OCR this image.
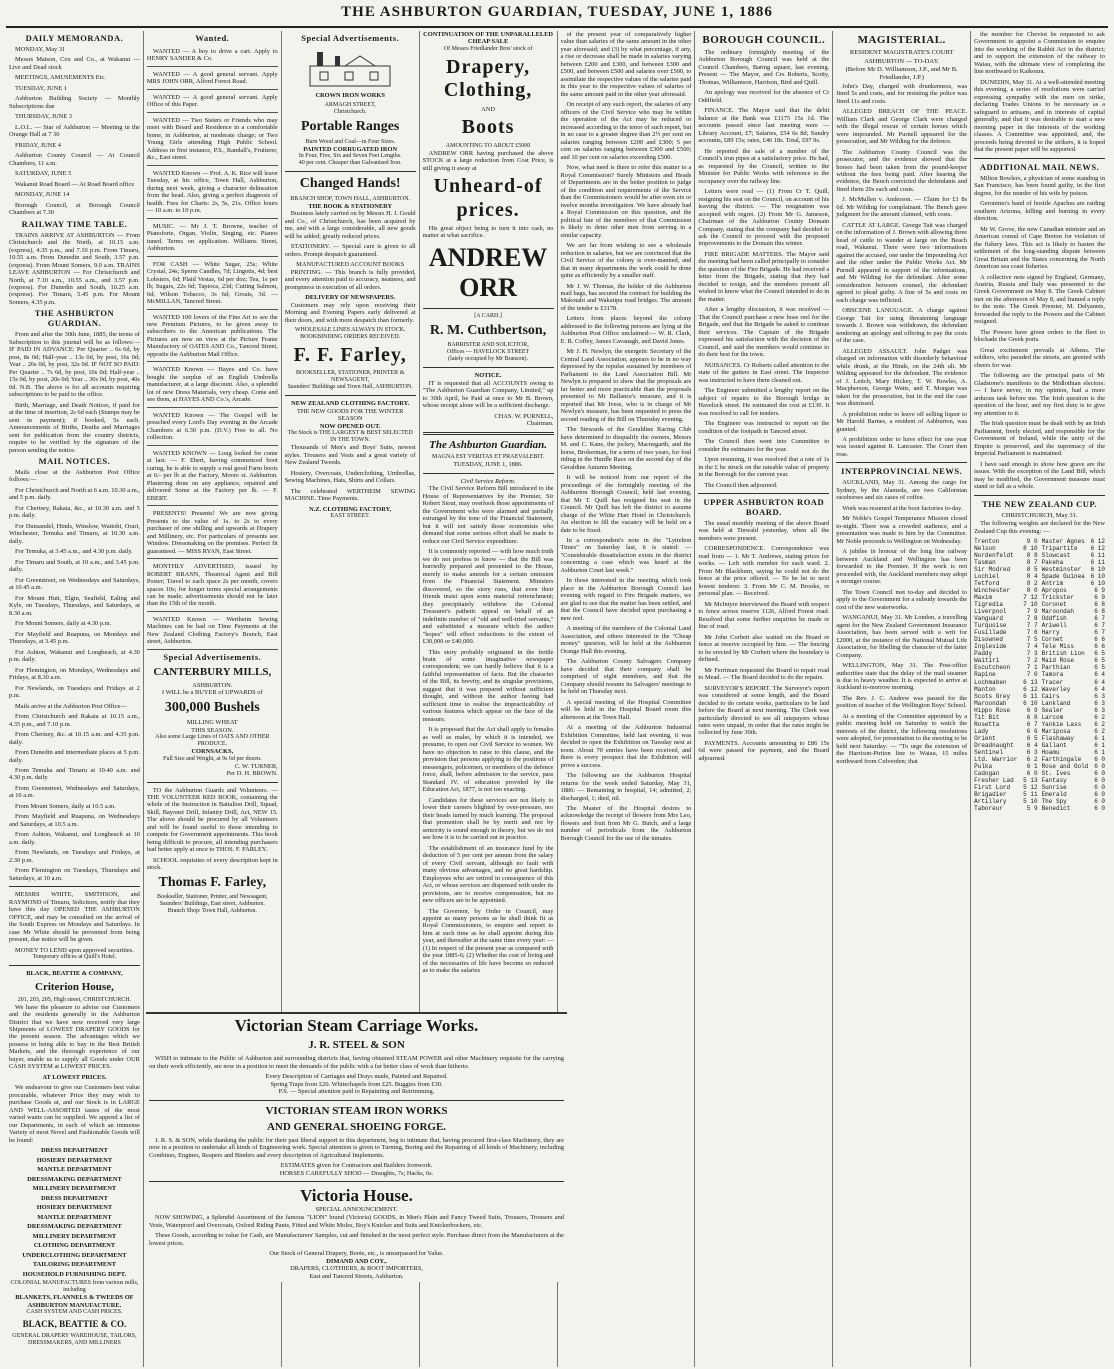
THE ASHBURTON GUARDIAN, TUESDAY, JUNE 1, 1886
DAILY MEMORANDA.

MONDAY, May 31

Messrs Matson, Cox and Co., at Wakanui — Live and Dead stock

MEETINGS, AMUSEMENTS Etc.

TUESDAY, JUNE 1

Ashburton Building Society — Monthly Subscriptions due

THURSDAY, JUNE 3

L.O.L. — Star of Ashburton — Meeting in the Orange Hall at 7 30

FRIDAY, JUNE 4

Ashburton County Council — At Council Chambers, 11 a.m.

SATURDAY, JUNE 5

Wakanui Road Board — At Road Board office

MONDAY, JUNE 14

Borough Council, at Borough Council Chambers at 7.30

RAILWAY TIME TABLE.

TRAINS ARRIVE AT ASHBURTON — From Christchurch and the North, at 10.15 a.m. (express), 4.35 p.m., and 7.10 p.m. From Timaru, 10.55 a.m. From Dunedin and South, 3.57 p.m. (express). From Mount Somers, 9.0 a.m. TRAINS LEAVE ASHBURTON — For Christchurch and North, at 7.10 a.m., 10.55 a.m., and 3.57 p.m. (express). For Dunedin and South, 10.25 a.m. (express). For Timaru, 5.45 p.m. For Mount Somers, 4.35 p.m.

THE ASHBURTON GUARDIAN.

From and after the 30th June, 1885, the terms of Subscription to this journal will be as follows:— IF PAID IN ADVANCE: Per Quarter .. 6s 6d, by post, 8s 0d; Half-year .. 13s 0d, by post, 16s 0d; Year .. 26s 0d, by post, 32s 0d. IF NOT SO PAID: Per Quarter .. 7s 6d, by post, 10s 0d; Half-year .. 15s 0d, by post, 20s 0d; Year .. 30s 0d, by post, 40s 0d. N.B. The above is for all accounts requiring subscriptions to be paid to the office.

Birth, Marriage, and Death Notices, if paid for at the time of insertion, 2s 6d each (Stamps may be sent in payment); if booked, 5s each. Announcements of Births, Deaths and Marriages sent for publication from the country districts, require to be verified by the signature of the person sending the notice.

MAIL NOTICES.

Mails close at the Ashburton Post Office follows:—

For Christchurch and North at 6 a.m. 10.30 a.m., and 5 p.m. daily.

For Chertsey, Rakaia, &c., at 10.30 a.m. and 5 p.m. daily.

For Dunsandel, Hinds, Winslow, Waitohi, Orari, Winchester, Temuka and Timaru, at 10.30 a.m. daily.

For Temuka, at 3.45 a.m., and 4.30 p.m. daily.

For Timaru and South, at 10 a.m., and 3.45 p.m. daily.

For Greenstreet, on Wednesdays and Saturdays, at 10.45 a.m.

For Mount Hutt, Elgin, Seafield, Ealing and Kyle, on Tuesdays, Thursdays, and Saturdays, at 8.30 a.m.

For Mount Somers, daily at 4.30 p.m.

For Mayfield and Ruapuna, on Mondays and Thursdays, at 3.45 p.m.

For Ashton, Wakanui and Longbeach, at 4.30 p.m. daily.

For Flemington, on Mondays, Wednesdays and Fridays, at 8.30 a.m.

For Newlands, on Tuesdays and Fridays at 2 p.m.

Mails arrive at the Ashburton Post Office—

From Christchurch and Rakaia at 10.15 a.m., 4.35 p.m., and 7.10 p.m.

From Chertsey, &c. at 10.15 a.m. and 4.35 p.m. daily.

From Dunedin and intermediate places at 5 p.m. daily.

From Temuka and Timaru at 10.40 a.m. and 4.30 p.m. daily.

From Greenstreet, Wednesdays and Saturdays, at 10 a.m.

From Mount Somers, daily at 10.5 a.m.

From Mayfield and Ruapuna, on Wednesdays and Saturdays, at 10.5 a.m.

From Ashton, Wakanui, and Longbeach at 10 a.m. daily.

From Newlands, on Tuesdays and Fridays, at 2.30 p.m.

From Flemington on Tuesdays, Thursdays and Saturdays, at 10 a.m.

MESSRS WHITE, SMITHSON, and RAYMOND of Timaru, Solicitors, notify that they have this day OPENED THE ASHBURTON OFFICE, and may be consulted on the arrival of the South Express on Mondays and Saturdays. In case Mr White should be prevented from being present, due notice will be given.

MONEY TO LEND upon approved securities.
Temporary offices at Quill's Hotel.
BLACK, BEATTIE & COMPANY,
Criterion House,
201, 203, 205, High street, CHRISTCHURCH.

We have the pleasure to advise our Customers and the residents generally in the Ashburton District that we have now received very large Shipments of LOWEST DRAPERY GOODS for the present season. The advantages which we possess in being able to buy in the Best British Markets, and the thorough experience of our buyer, enable us to supply all Goods under OUR CASH SYSTEM at LOWEST PRICES.

AT LOWEST PRICES.

We endeavour to give our Customers best value procurable, whatever Price they may wish to purchase Goods at, and our Stock is in LARGE AND WELL-ASSORTED tastes of the most varied wants can be supplied. We append a list of our Departments, in each of which an immense Variety of most Novel and Fashionable Goods will be found:

DRESS DEPARTMENT
HOSIERY DEPARTMENT
MANTLE DEPARTMENT
DRESSMAKING DEPARTMENT
MILLINERY DEPARTMENT
DRESS DEPARTMENT
HOSIERY DEPARTMENT
MANTLE DEPARTMENT
DRESSMAKING DEPARTMENT
MILLINERY DEPARTMENT
CLOTHING DEPARTMENT
UNDERCLOTHING DEPARTMENT
TAILORING DEPARTMENT
HOUSEHOLD FURNISHING DEPT.
COLONIAL MANUFACTURES from various mills, including
BLANKETS, FLANNELS & TWEEDS OF ASHBURTON MANUFACTURE.
CASH SYSTEM AND CASH PRICES.
BLACK, BEATTIE & CO.
GENERAL DRAPERY WAREHOUSE, TAILORS, DRESSMAKERS, AND MILLINERS
Wanted.

WANTED — A boy to drive a cart. Apply to HENRY SANDER & Co.

WANTED — A good general servant. Apply MRS JOHN ORR, Alford Forest Road.

WANTED — A good general servant. Apply Office of this Paper.

WANTED — Two Sisters or Friends who may meet with Board and Residence in a comfortable home, in Ashburton, at moderate charge; or Two Young Girls attending High Public School. Address in first instance, P.S., Randall's, Fruiterer, &c., East street.

WANTED Known — Prof. A. K. Rice will leave Tuesday, at his office, Town Hall, Ashburton, during next week, giving a character delineation from the head. Also, giving a perfect diagnosis of health. Fees for Charts: 2s, 5s, 21s. Office hours — 10 a.m. to 10 p.m.

MUSIC. — Mr J. T. Browne, teacher of Pianoforte, Organ, Violin, Singing, etc. Pianos tuned. Terms on application. Williams Street, Ashburton.

FOR CASH — White Sugar, 25s; White Crystal, 24s; Sperm Candles, 7d; Lingotts, 4d; best Lobsters, 6d; Plaid Vestas, 6d per doz; Tea, 1s per lb; Sugars, 22s 6d; Tapioca, 23d; Cutting Salmon, 6d; Wilson Tobacco, 3s 6d; Groats, 3d. — McMILLAN, Tancred Street.

WANTED 100 lovers of the Fine Art to see the new Premium Pictures, to be given away to subscribers to the American publications. The Pictures are now on view at the Picture Frame Manufactory of OATES AND Co., Tancred Street, opposite the Ashburton Mail Office.

WANTED Known — Hayes and Co. have bought the surplus of an English Umbrella manufacturer, at a large discount. Also, a splendid lot of new Dress Materials, very cheap. Come and see them, at HAYES AND Co.'s, Arcade.

WANTED Known — The Gospel will be preached every Lord's Day evening in the Arcade Chambers at 6.30 p.m. (D.V.) Free to all. No collection.

WANTED KNOWN — Long looked for come at last. — F. Ebert, having commenced boot curing, he is able to supply a real good Farm boots at 6/- per lb at the Factory, Moore st. Ashburton. Plastering done on any appliance, repaired and delivered Some at the Factory per lb. — F. EBERT.

PRESENTS! Presents! We are now giving Presents to the value of 1s. to 2s to every purchaser of one shilling and upwards at Drapery and Millinery, etc. For particulars of presents see Window. Dressmaking on the premises. Perfect fit guaranteed. — MISS RYAN, East Street.

MONTHLY ADVERTISED, issued by ROBERT BRANN, Theatrical Agent and Bill Poster; Travel to each space 2s per month, covers spaces 10s; for longer terms special arrangements can be made; advertisements should not be later than the 15th of the month.

WANTED Known — Wertheim Sewing Machines can be had on Time Payments at the New Zealand Clothing Factory's Branch, East street, Ashburton.

Special Advertisements.
CANTERBURY MILLS,
ASHBURTON.
I WILL be a BUYER of UPWARDS of
300,000 Bushels
MILLING WHEAT
THIS SEASON.
Also some Large Lines of OATS AND OTHER PRODUCE.
CORNSACKS,
Full Size and Weight, at 9s 6d per dozen.
C. W. TURNER,
Per D. H. BROWN.

TO the Ashburton Guards and Volunteers. — THE VOLUNTEER RED BOOK, containing the whole of the Instruction in Battalion Drill, Squad, Skill, Bayonet Drill, Infantry Drill, Act, NEW 15. The above should be procured by all Volunteers and will be found useful to those intending to compete for Government appointments. This book being difficult to procure, all intending purchasers had better apply at once to THOS. F. FARLEY.

SCHOOL requisites of every description kept in stock.

Thomas F. Farley,
Bookseller, Stationer, Printer, and Newsagent,
Saunders' Buildings, East street, Ashburton.
Branch Shop: Town Hall, Ashburton.
Special Advertisements.
CROWN IRON WORKS
ARMAGH STREET,
Christchurch.
Portable Ranges
Burn Wood and Coal—in Four Sizes.
PAINTED CORRUGATED IRON
In Four, Five, Six and Seven Feet Lengths.
40 per cent. Cheaper than Galvanised Iron.
Changed Hands!
BRANCH SHOP, TOWN HALL, ASHBURTON.
THE BOOK & STATIONERY

Business lately carried on by Messrs H. J. Gould and Co., of Christchurch, has been acquired by me, and with a large considerable, all new goods will be added; greatly reduced prices.

STATIONERY. — Special care is given to all orders. Prompt despatch guaranteed.

MANUFACTURED ACCOUNT BOOKS

PRINTING. — This branch is fully provided, and every attention paid to accuracy, neatness, and promptness in execution of all orders.

DELIVERY OF NEWSPAPERS.

Customers may rely upon receiving their Morning and Evening Papers early delivered at their doors, and with more despatch than formerly.

WHOLESALE LINES ALWAYS IN STOCK.
BOOKBINDING ORDERS RECEIVED.
F. F. Farley,
BOOKSELLER, STATIONER, PRINTER & NEWSAGENT,
Saunders' Buildings and Town Hall, ASHBURTON.
NEW ZEALAND CLOTHING FACTORY.
THE NEW GOODS FOR THE WINTER SEASON
NOW OPENED OUT.
The Stock is THE LARGEST & BEST SELECTED IN THE TOWN.

Thousands of Men's and Boys' Suits, newest styles. Trousers and Vests and a great variety of New Zealand Tweeds.

Hosiery, Overcoats, Underclothing, Umbrellas, Sewing Machines, Hats, Shirts and Collars.

The celebrated WERTHEIM SEWING MACHINE. Time Payments.

N.Z. CLOTHING FACTORY,
EAST STREET.
CONTINUATION OF THE UNPARALLELED CHEAP SALE
Of Messrs Friedlander Bros' stock of
Drapery, Clothing,
AND
Boots
AMOUNTING TO ABOUT £5000

ANDREW ORR having purchased the above STOCK at a large reduction from Cost Price, is still giving it away at

Unheard-of prices.

His great object being to turn it into cash, no matter at what sacrifice.

ANDREW ORR
[A CARD.]
R. M. Cuthbertson,
BARRISTER AND SOLICITOR,
Offices — HAVELOCK STREET
(lately occupied by Mr Branson).
NOTICE.

IT is requested that all ACCOUNTS owing to "The Ashburton Guardian Company, Limited," up to 30th April, be Paid at once to Mr B. Brown, whose receipt alone will be a sufficient discharge.

CHAS. W. PURNELL,
Chairman.
The Ashburton Guardian.
MAGNA EST VERITAS ET PRAEVALEBIT.
TUESDAY, JUNE 1, 1886.
Civil Service Reform.

The Civil Service Reform Bill introduced to the House of Representatives by the Premier, Sir Robert Stout, may overlook those appointments of the Government who were alarmed and partially estranged by the tone of the Financial Statement, but it will not satisfy those economists who demand that some serious effort shall be made to reduce our Civil Service expenditure.

It is commonly reported — with how much truth we do not profess to know — that the Bill was hurriedly prepared and presented to the House, merely to make amends for a certain omission from the Financial Statement. Ministers discovered, so the story runs, that even their friends insist upon some material retrenchment; they precipitately withdrew the Colonial Treasurer's pathetic appeal on behalf of an indefinite number of "old and well-tried servants," and substituted a measure which the author "hopes" will effect reductions to the extent of £30,000 or £40,000.

This story probably originated in the fertile brain of some imaginative newspaper correspondent; we can hardly believe that it is a faithful representation of facts. But the character of the Bill, its brevity, and its singular provisions, suggest that it was prepared without sufficient thought, and without the author having had sufficient time to realise the impracticability of various features which appear on the face of the measure.

It is proposed that the Act shall apply to females as well as males, by which it is intended, we presume, to open our Civil Service to women. We have no objection to raise to this clause, and the provision that persons applying to the positions of messengers, policemen, or members of the defence force, shall, before admission to the service, pass Standard IV. of education provided by the Education Act, 1877, is not too exacting.

Candidates for these services are not likely to lower their careers blighted by over-pressure, nor their heads turned by much learning. The proposal that promotion shall be by merit and not by seniority is sound enough in theory, but we do not see how it is to be carried out in practice.

The establishment of an insurance fund by the deduction of 5 per cent per annum from the salary of every Civil servant, although no fault with many obvious advantages, and no great hardship. Employees who are retired in consequence of this Act, or whose services are dispensed with under its provisions, are to receive compensation, but no new officers are to be appointed.

The Governor, by Order in Council, may appoint as many persons as he shall think fit as Royal Commissioners, to enquire and report to him at such time as he shall appoint during this year, and thereafter at the same time every year: — (1) In respect of the present year as compared with the year 1885-6; (2) Whether the cost of living and of the necessaries of life have become so reduced as to make the salaries

of the present year of comparatively higher value than salaries of the same amount in the other year aforesaid; and (3) by what percentage, if any, a rise or decrease shall be made in salaries varying between £200 and £300, and between £300 and £500, and between £500 and salaries over £500, to assimilate the respective values of the salaries paid in this year to the respective values of salaries of the same amount paid in the other year aforesaid.

On receipt of any such report, the salaries of any officers of the Civil Service who may be within the operation of the Act may be reduced or increased according to the tenor of such report, but in no case to a greater degree than 2½ per cent on salaries ranging between £200 and £300; 5 per cent on salaries ranging between £300 and £500; and 10 per cent on salaries exceeding £500.

Now, what need is there to refer this matter to a Royal Commission? Surely Ministers and Heads of Departments are in the better position to judge of the condition and requirements of the Service than the Commissioners would be after even six or twelve months investigation. We have already had a Royal Commission on this question, and the political fate of the members of that Commission is likely to deter other men from serving in a similar capacity.

We are far from wishing to see a wholesale reduction in salaries, but we are convinced that the Civil Service of the colony is over-manned, and that in many departments the work could be done quite as efficiently by a smaller staff.

Mr J. W. Thomas, the holder of the Ashburton mail bags, has secured the contract for building the Makotahi and Wakatipu road bridges. The amount of the tender is £3178.

Letters from places beyond the colony addressed to the following persons are lying at the Ashburton Post Office unclaimed:— W. R. Clark, E. R. Coffey, James Cavanagh, and David Jones.

Mr J. H. Newlyn, the energetic Secretary of the Central Land Association, appears to be in no way depressed by the repulse sustained by members of Parliament to the Land Association Bill. Mr Newlyn is prepared to show that the proposals are far better and more practicable than the proposals presented to Mr Ballance's measure, and it is reported that Mr Ivess, who is in charge of Mr Newlyn's measure, has been requested to press the second reading of the Bill on Thursday evening.

The Stewards of the Geraldine Racing Club have determined to disqualify the owners, Messrs M. and C. Kane, the jockey, Macnegarth, and the horse, Brokerman, for a term of two years, for foul riding in the Hurdle Race on the second day of the Geraldine Autumn Meeting.

It will be noticed from our report of the proceedings of the fortnightly meeting of the Ashburton Borough Council, held last evening, that Mr T. Quill has resigned his seat in the Council. Mr Quill has left the district to assume charge of the White Hart Hotel in Christchurch. An election to fill the vacancy will be held on a date to be fixed.

In a correspondent's note in the "Lyttelton Times" on Saturday last, it is stated: — "Considerable dissatisfaction exists in the district concerning a case which was heard at the Ashburton Court last week."

In those interested in the meeting which took place in the Ashburton Borough Council last evening with regard to Fire Brigade matters, we are glad to see that the matter has been settled, and that the Council have decided upon purchasing a new reel.

A meeting of the members of the Colonial Land Association, and others interested in the "Cheap money" question, will be held at the Ashburton Orange Hall this evening.

The Ashburton County Salvagers Company have decided that their company shall be comprised of eight members, and that the Company should resume its Salvagers' meetings to be held on Thursday next.

A special meeting of the Hospital Committee will be held in the Hospital Board room this afternoon at the Town Hall.

At a meeting of the Ashburton Industrial Exhibition Committee, held last evening, it was decided to open the Exhibition on Tuesday next at noon. About 70 entries have been received, and there is every prospect that the Exhibition will prove a success.

The following are the Ashburton Hospital returns for the week ended Saturday, May 31, 1886: — Remaining in hospital, 14; admitted, 2; discharged, 1; died, nil.

The Master of the Hospital desires to acknowledge the receipt of flowers from Mrs Leo, flowers and fruit from Mr G. Butch, and a large number of periodicals from the Ashburton Borough Council for the use of the inmates.

BOROUGH COUNCIL.

The ordinary fortnightly meeting of the Ashburton Borough Council was held at the Council Chambers, Baring square, last evening. Present — The Mayor, and Crs Roberts, Scotty, Thomas, Williamson, Harrison, Bird and Quill.

An apology was received for the absence of Cr Oddfield.

FINANCE. The Mayor said that the debit balance at the Bank was £1175 15s 1d. The accounts passed since last meeting were — Library Account, £7; Salaries, £54 6s 8d; Sundry accounts, £89 15s; rates, £46 18s. Total, £97 9s.

He reported the sale of a number of the Council's iron pipes at a satisfactory price. He had, as requested by the Council, written to the Minister for Public Works with reference to the occupancy over the railway line.

Letters were read — (1) From Cr T. Quill, resigning his seat on the Council, on account of his leaving the district. — The resignation was accepted with regret. (2) From Mr G. Jameson, Chairman of the Ashburton County Domain Company, stating that the company had decided to ask the Council to proceed with the proposed improvements to the Domain this winter.

FIRE BRIGADE MATTERS. The Mayor said the meeting had been called principally to consider the question of the Fire Brigade. He had received a letter from the Brigade, stating that they had decided to resign, and the members present all wished to know what the Council intended to do in the matter.

After a lengthy discussion, it was resolved — That the Council purchase a new hose reel for the Brigade, and that the Brigade be asked to continue their services. The Captain of the Brigade expressed his satisfaction with the decision of the Council, and said the members would continue to do their best for the town.

NUISANCES. Cr Roberts called attention to the state of the gutters in East street. The Inspector was instructed to have them cleaned out.

The Engineer submitted a lengthy report on the subject of repairs to the Borough bridge in Havelock street. He estimated the cost at £130. It was resolved to call for tenders.

The Engineer was instructed to report on the condition of the footpath in Tancred street.

The Council then went into Committee to consider the estimates for the year.

Upon resuming, it was resolved that a rate of 1s in the £ be struck on the rateable value of property in the Borough for the current year.

The Council then adjourned.

UPPER ASHBURTON ROAD BOARD.

The usual monthly meeting of the above Board was held at Tinwald yesterday, when all the members were present.

CORRESPONDENCE. Correspondence was read from — 1. Mr T. Andrews, stating prices for works. — Left with member for each ward. 2. From Mr Blackburn, saying he could not do the fence at the price offered. — To be let to next lowest tenderer. 3. From Mr C. M. Brooke, re personal plan. — Received.

Mr McIntyre interviewed the Board with respect to fence across reserve 1126, Alford Forest road. Resolved that some further enquiries be made re line of road.

Mr John Corbett also waited on the Board re fence at reserve occupied by him. — The fencing to be erected by Mr Corbett where the boundary is defined.

Mr Ferriman requested the Board to repair road to Mead. — The Board decided to do the repairs.

SURVEYOR'S REPORT. The Surveyor's report was considered at some length, and the Board decided to do certain works, particulars to be laid before the Board at next meeting. The Clerk was particularly directed to see all ratepayers whose rates were unpaid, in order that the rates might be collected by June 30th.

PAYMENTS. Accounts amounting to £86 15s 6d were passed for payment, and the Board adjourned.

MAGISTERIAL.
RESIDENT MAGISTRATE'S COURT
ASHBURTON — TO-DAY.
(Before Mr D. Williamson, J.P., and Mr B. Friedlander, J.P.)

John's Day, charged with drunkenness, was fined 5s and costs, and for resisting the police was fined 11s and costs.

ALLEGED BREACH OF THE PEACE. William Clark and George Clark were charged with the illegal rescue of certain horses which were impounded. Mr Purnell appeared for the prosecution, and Mr Wilding for the defence.

The Ashburton County Council was the prosecutor, and the evidence showed that the horses had been taken from the pound-keeper without the fees being paid. After hearing the evidence, the Bench convicted the defendants and fined them 20s each and costs.

J. McMullen v. Anderson. — Claim for £1 8s 6d. Mr Wilding for complainant. The Bench gave judgment for the amount claimed, with costs.

CATTLE AT LARGE. George Tait was charged on the information of J. Brown with allowing three head of cattle to wander at large on the Beach road, Wakanui. There were two informations against the accused, one under the Impounding Act and the other under the Public Works Act. Mr Purnell appeared in support of the informations, and Mr Wilding for the defendant. After some consideration between counsel, the defendant agreed to plead guilty. A fine of 5s and costs on each charge was inflicted.

OBSCENE LANGUAGE. A charge against George Tait for using threatening language towards J. Brown was withdrawn, the defendant tendering an apology and offering to pay the costs of the case.

ALLEGED ASSAULT. John Padget was charged on information with disorderly behaviour while drunk, at the Hinds, on the 24th ult. Mr Wilding appeared for the defendant. The evidence of J. Leitch, Mary Hickey, T. W. Bowles, A. Macpherson, George Watts, and T. Morgan was taken for the prosecution, but in the end the case was dismissed.

A prohibition order to leave off selling liquor to Mr Harold Barnes, a resident of Ashburton, was granted.

A prohibition order to have effect for one year was issued against R. Lancaster. The Court then rose.

INTERPROVINCIAL NEWS.

AUCKLAND, May 31. Among the cargo for Sydney, by the Alameda, are two Californian racehorses and six cases of coffee.

Work was resumed at the boot factories to-day.

Mr Noble's Gospel Temperance Mission closed to-night. There was a crowded audience, and a presentation was made to him by the Committee. Mr Noble proceeds to Wellington on Wednesday.

A jubilee in honour of the long line railway between Auckland and Wellington has been forwarded to the Premier. If the work is not proceeded with, the Auckland members may adopt a stronger course.

The Town Council met to-day and decided to apply to the Government for a subsidy towards the cost of the new waterworks.

WANGANUI, May 31. Mr London, a travelling agent for the New Zealand Government Insurance Association, has been served with a writ for £2000, at the instance of the National Mutual Life Association, for libelling the character of the latter Company.

WELLINGTON, May 31. The Post-office authorities state that the delay of the mail steamer is due to heavy weather. It is expected to arrive at Auckland to-morrow morning.

The Rev. J. C. Andrew was passed for the position of teacher of the Wellington Boys' School.

At a meeting of the Committee appointed by a public meeting held on Saturday to watch the interests of the district, the following resolutions were adopted, for presentation to the meeting to be held next Saturday: — "To urge the extension of the Harrison-Piriton line to Waiau, 15 miles northward from Culverden; that

the member for Cheviot be requested to ask Government to appoint a Commission to enquire into the working of the Rabbit Act in the district; and to support the extension of the railway to Waiau, with the ultimate view of completing the line northward to Kaikoura.

DUNEDIN, May 31. At a well-attended meeting this evening, a series of resolutions were carried expressing sympathy with the men on strike, declaring Trades Unions to be necessary as a safeguard to artisans, and in interests of capital generally, and that it was desirable to start a new morning paper in the interests of the working classes. A Committee was appointed, and, the proceeds being devoted to the strikers, it is hoped that the present paper will be supported.

ADDITIONAL MAIL NEWS.

Milton Bowlers, a physician of some standing in San Francisco, has been found guilty, in the first degree, for the murder of his wife by poison.

Geronimo's band of hostile Apaches are raiding southern Arizona, killing and burning in every direction.

Mr W. Grove, the new Canadian minister and an American consul of Cape Breton for violation of the fishery laws. This act is likely to hasten the settlement of the long-standing dispute between Great Britain and the States concerning the North American sea coast fisheries.

A collective note signed by England, Germany, Austria, Russia and Italy was presented to the Greek Government on May 8. The Greek Cabinet met on the afternoon of May 8, and framed a reply to the note. The Greek Premier, M. Delyannis, forwarded the reply to the Powers and the Cabinet resigned.

The Powers have given orders to the fleet to blockade the Greek ports.

Great excitement prevails at Athens. The soldiers, who paraded the streets, are greeted with cheers for war.

The following are the principal parts of Mr Gladstone's manifesto to the Midlothian electors: — I have never, in my opinion, had a more arduous task before me. The Irish question is the question of the hour, and my first duty is to give my attention to it.

The Irish question must be dealt with by an Irish Parliament, freely elected, and responsible for the Government of Ireland, while the unity of the Empire is preserved, and the supremacy of the Imperial Parliament is maintained.

I have said enough to show how grave are the issues. With the exception of the Land Bill, which may be modified, the Government measure must stand or fall as a whole.

THE NEW ZEALAND CUP.
CHRISTCHURCH, May 31.

The following weights are declared for the New Zealand Cup this evening: —

Trenton	9 0
Nelson	8 10
Nordenfeldt 8 8
Tasman	8 7
Sir Modred	8 5
Lochiel	8 4
Tetford	8 2
Winchester	8 0
Maxim	7 12
Tigredia	7 10
Liverpool	7 9
Vanguard	7 8
Turquoise	7 7
Fusillade	7 6
Disowned	7 5
Ingleside	7 4
Paddy	7 3
Waitiri	7 2
Escutcheon	7 1
Rapine	7 0
Lochmaben	6 13
Manton	6 12
Scots Grey 6 11
Maroondah	6 10
Hippo Rose	6 9
Tit Bit	6 8
Rosetta	6 7
Lady	6 6
Orient	6 5
Dreadnaught 6 4
Sentinel	6 3
Ltd. Warrior 6 2
Pulka	6 1
Cadogan	6 0
Fresher Lad 5 13
First Lord 5 12
Brigadier	5 11
Artillery	5 10
Taboreur	5 9
Master Agnes 6 12
Tripartite 6 12
Slowcast	6 11
Pakeha	6 11
Westminster 6 10
Spade Guinea 6 10
Antrim	6 10
Apropos	6 9
Trickster	6 9
Coronet	6 8
Maroondah	6 8
Oddfish	6 7
Ariwell	6 7
Harry	6 7
Cornet	6 6
Tele Miss	6 6
British Lion 6 5
Maid Rose	6 5
Parthian	6 5
Tamora	6 4
Tracer	6 4
Waverley	6 4
Cairs	6 3
Lankland	6 3
Sealer	6 3
Larcom	6 2
Yankie Lass 6 2
Mariposa	6 2
Flashaway	6 1
Gallant	6 1
Hoamu	6 1
Farthingale 6 0
Rose and Gold 6 0
St. Ives	6 0
Fantasy	6 0
Sunrise	6 0
Emerald	6 0
The Spy	6 0
Benedict	6 0
Victorian Steam Carriage Works.
J. R. STEEL & SON

WISH to intimate to the Public of Ashburton and surrounding districts that, having obtained STEAM POWER and other Machinery requisite for the carrying on their work efficiently, are now in a position to meet the demands of the public with a far better class of work than hitherto.

Every Description of Carriages and Drays made, Painted and Repaired.
Spring Traps from £20. Whitechapels from £25. Buggies from £30.
P.S. — Special attention paid to Repainting and Retrimming.
VICTORIAN STEAM IRON WORKS
AND GENERAL SHOEING FORGE.

J. R. S. & SON, while thanking the public for their past liberal support to this department, beg to intimate that, having procured first-class Machinery, they are now in a position to undertake all kinds of Engineering work. Special attention is given to Turning, Boring and the Repairing of all kinds of Machinery, including Combines, Engines, Reapers and Binders and every description of Agricultural Implements.

ESTIMATES given for Contractors and Builders Ironwork.
HORSES CAREFULLY SHOD — Draughts, 7s; Hacks, 6s.
Victoria House.
SPECIAL ANNOUNCEMENT.

NOW SHOWING, a Splendid Assortment of the famous "LION" brand (Victoria) GOODS, in Men's Plain and Fancy Tweed Suits, Trousers, Trousers and Vests, Waterproof and Overcoats, Oxford Riding Pants, Fitted and White Moles, Boy's Knicker and Suits and Knickerbockers, etc.

These Goods, according to value for Cash, are Manufacturers' Samples, cut and finished in the most perfect style. Purchase direct from the Manufacturers at the lowest prices.

Our Stock of General Drapery, Boots, etc., is unsurpassed for Value.
DIMAND AND COY.,
DRAPERS, CLOTHIERS, & BOOT IMPORTERS,
East and Tancred Streets, Ashburton.
